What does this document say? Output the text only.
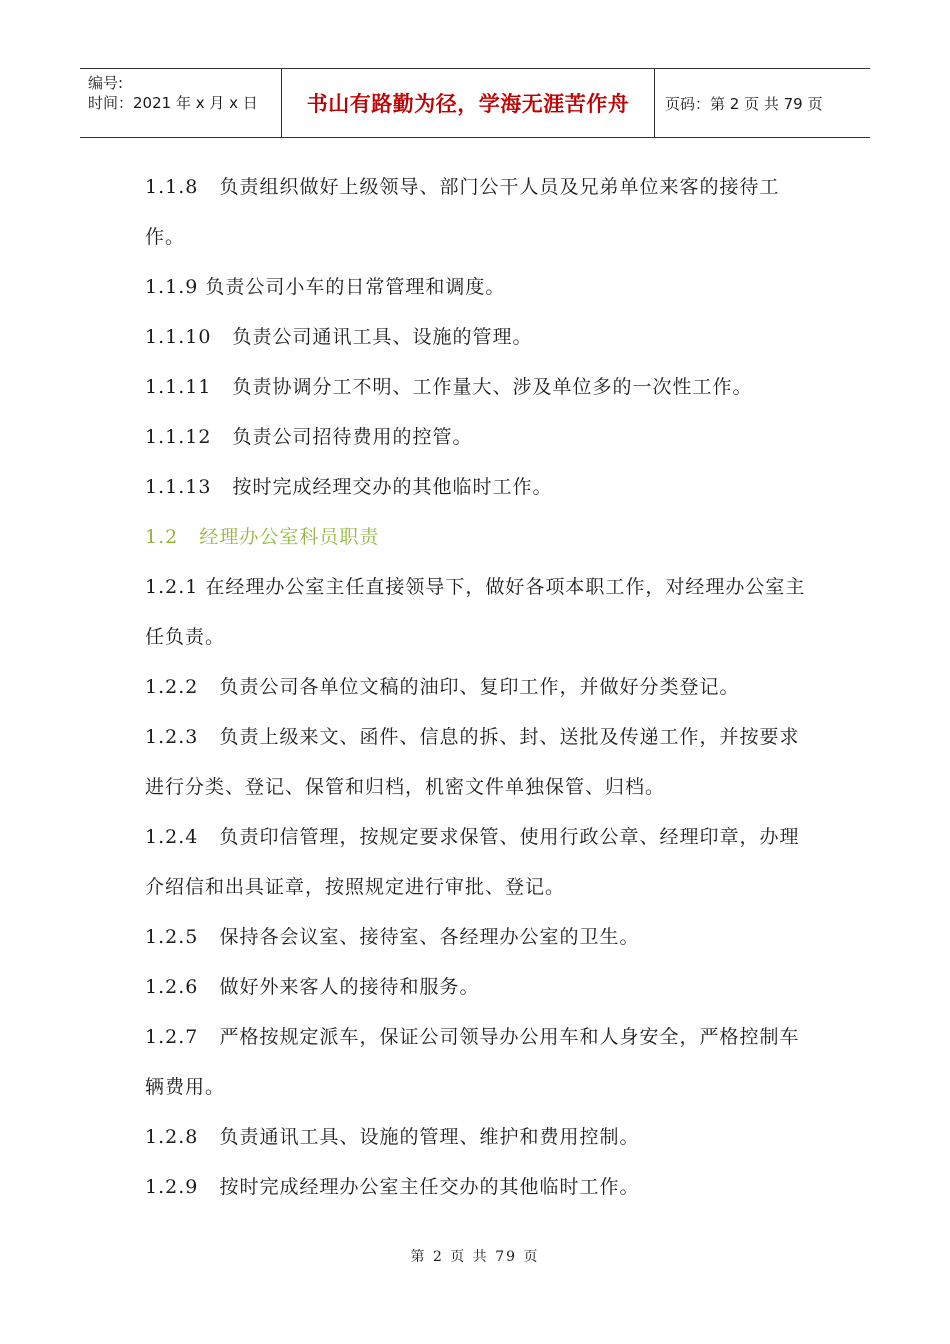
编号:
时间：2021 年 x 月 x 日	书山有路勤为径，学海无涯苦作舟	页码：第 2 页 共 79 页

1.1.8   负责组织做好上级领导、部门公干人员及兄弟单位来客的接待工作。

1.1.9 负责公司小车的日常管理和调度。

1.1.10   负责公司通讯工具、设施的管理。

1.1.11   负责协调分工不明、工作量大、涉及单位多的一次性工作。

1.1.12   负责公司招待费用的控管。

1.1.13   按时完成经理交办的其他临时工作。

1.2   经理办公室科员职责

1.2.1 在经理办公室主任直接领导下，做好各项本职工作，对经理办公室主任负责。

1.2.2   负责公司各单位文稿的油印、复印工作，并做好分类登记。

1.2.3   负责上级来文、函件、信息的拆、封、送批及传递工作，并按要求进行分类、登记、保管和归档，机密文件单独保管、归档。

1.2.4   负责印信管理，按规定要求保管、使用行政公章、经理印章，办理介绍信和出具证章，按照规定进行审批、登记。

1.2.5   保持各会议室、接待室、各经理办公室的卫生。

1.2.6   做好外来客人的接待和服务。

1.2.7   严格按规定派车，保证公司领导办公用车和人身安全，严格控制车辆费用。

1.2.8   负责通讯工具、设施的管理、维护和费用控制。

1.2.9   按时完成经理办公室主任交办的其他临时工作。

第 2 页 共 79 页
